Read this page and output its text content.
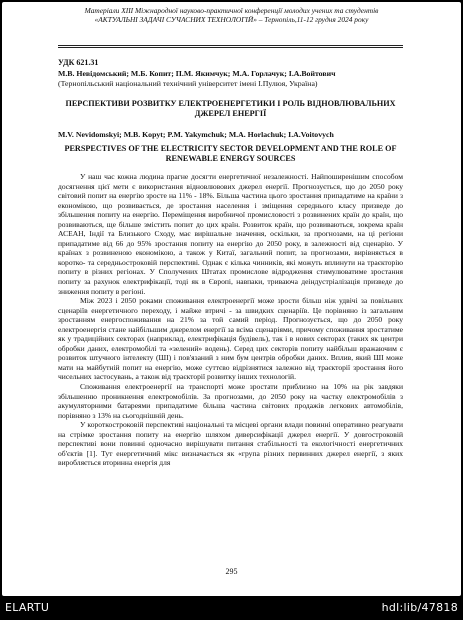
Матеріали XIII Міжнародної науково-практичної конференції молодих учених та студентів
«АКТУАЛЬНІ ЗАДАЧІ СУЧАСНИХ ТЕХНОЛОГІЙ» – Тернопіль,11-12 грудня 2024 року
УДК 621.31
М.В. Невідомський; М.Б. Копит; П.М. Якимчук; М.А. Горлачук; І.А.Войтович
(Тернопільський національний технічний університет імені І.Пулюя, Україна)
ПЕРСПЕКТИВИ РОЗВИТКУ ЕЛЕКТРОЕНЕРГЕТИКИ І РОЛЬ ВІДНОВЛЮВАЛЬНИХ ДЖЕРЕЛ ЕНЕРГІЇ
M.V. Nevidomskyi; M.B. Kopyt; P.M. Yakymchuk; M.A. Horlachuk; I.A.Voitovych
PERSPECTIVES OF THE ELECTRICITY SECTOR DEVELOPMENT AND THE ROLE OF RENEWABLE ENERGY SOURCES

У наш час кожна людина прагне досягти енергетичної незалежності. Найпоширенішим способом досягнення цієї мети є використання відновлювових джерел енергії. Прогнозується, що до 2050 року світовий попит на енергію зросте на 11% - 18%. Більша частина цього зростання припадатиме на країни з економікою, що розвивається, де зростання населення і зміщення середнього класу призведе до збільшення попиту на енергію. Переміщення виробничої промисловості з розвинених країн до країн, що розвиваються, ще більше змістить попит до цих країн. Розвиток країн, що розвиваються, зокрема країн АСЕАН, Індії та Близького Сходу, має вирішальне значення, оскільки, за прогнозами, на ці регіони припадатиме від 66 до 95% зростання попиту на енергію до 2050 року, в залежності від сценарію. У країнах з розвиненою економікою, а також у Китаї, загальний попит, за прогнозами, вирівняється в коротко- та середньостроковій перспективі. Однак є кілька чинників, які можуть вплинути на траєкторію попиту в різних регіонах. У Сполучених Штатах промислове відродження стимулюватиме зростання попиту за рахунок електрифікації, тоді як в Європі, навпаки, триваюча деіндустріалізація призведе до зниження попиту в регіоні.

Між 2023 і 2050 роками споживання електроенергії може зрости більш ніж удвічі за повільних сценаріїв енергетичного переходу, і майже втричі - за швидких сценаріїв. Це порівняно із загальним зростанням енергоспоживання на 21% за той самий період. Прогнозується, що до 2050 року електроенергія стане найбільшим джерелом енергії за всіма сценаріями, причому споживання зростатиме як у традиційних секторах (наприклад, електрифікація будівель), так і в нових секторах (таких як центри обробки даних, електромобілі та «зелений» водень). Серед цих секторів попиту найбільш вражаючим є розвиток штучного інтелекту (ШІ) і пов'язаний з ним бум центрів обробки даних. Вплив, який ШІ може мати на майбутній попит на енергію, може суттєво відрізнятися залежно від траєкторії зростання його чисельних застосувань, а також від траєкторії розвитку інших технологій.

Споживання електроенергії на транспорті може зростати приблизно на 10% на рік завдяки збільшенню проникнення електромобілів. За прогнозами, до 2050 року на частку електромобілів з акумуляторними батареями припадатиме більша частина світових продажів легкових автомобілів, порівняно з 13% на сьогоднішній день.

У короткостроковій перспективі національні та місцеві органи влади повинні оперативно реагувати на стрімке зростання попиту на енергію шляхом диверсифікації джерел енергії. У довгостроковій перспективі вони повинні одночасно вирішувати питання стабільності та екологічності енергетичних об'єктів [1]. Тут енергетичний мікс визначається як «група різних первинних джерел енергії, з яких виробляється вторинна енергія для

295
ELARTU	hdl:lib/47818
